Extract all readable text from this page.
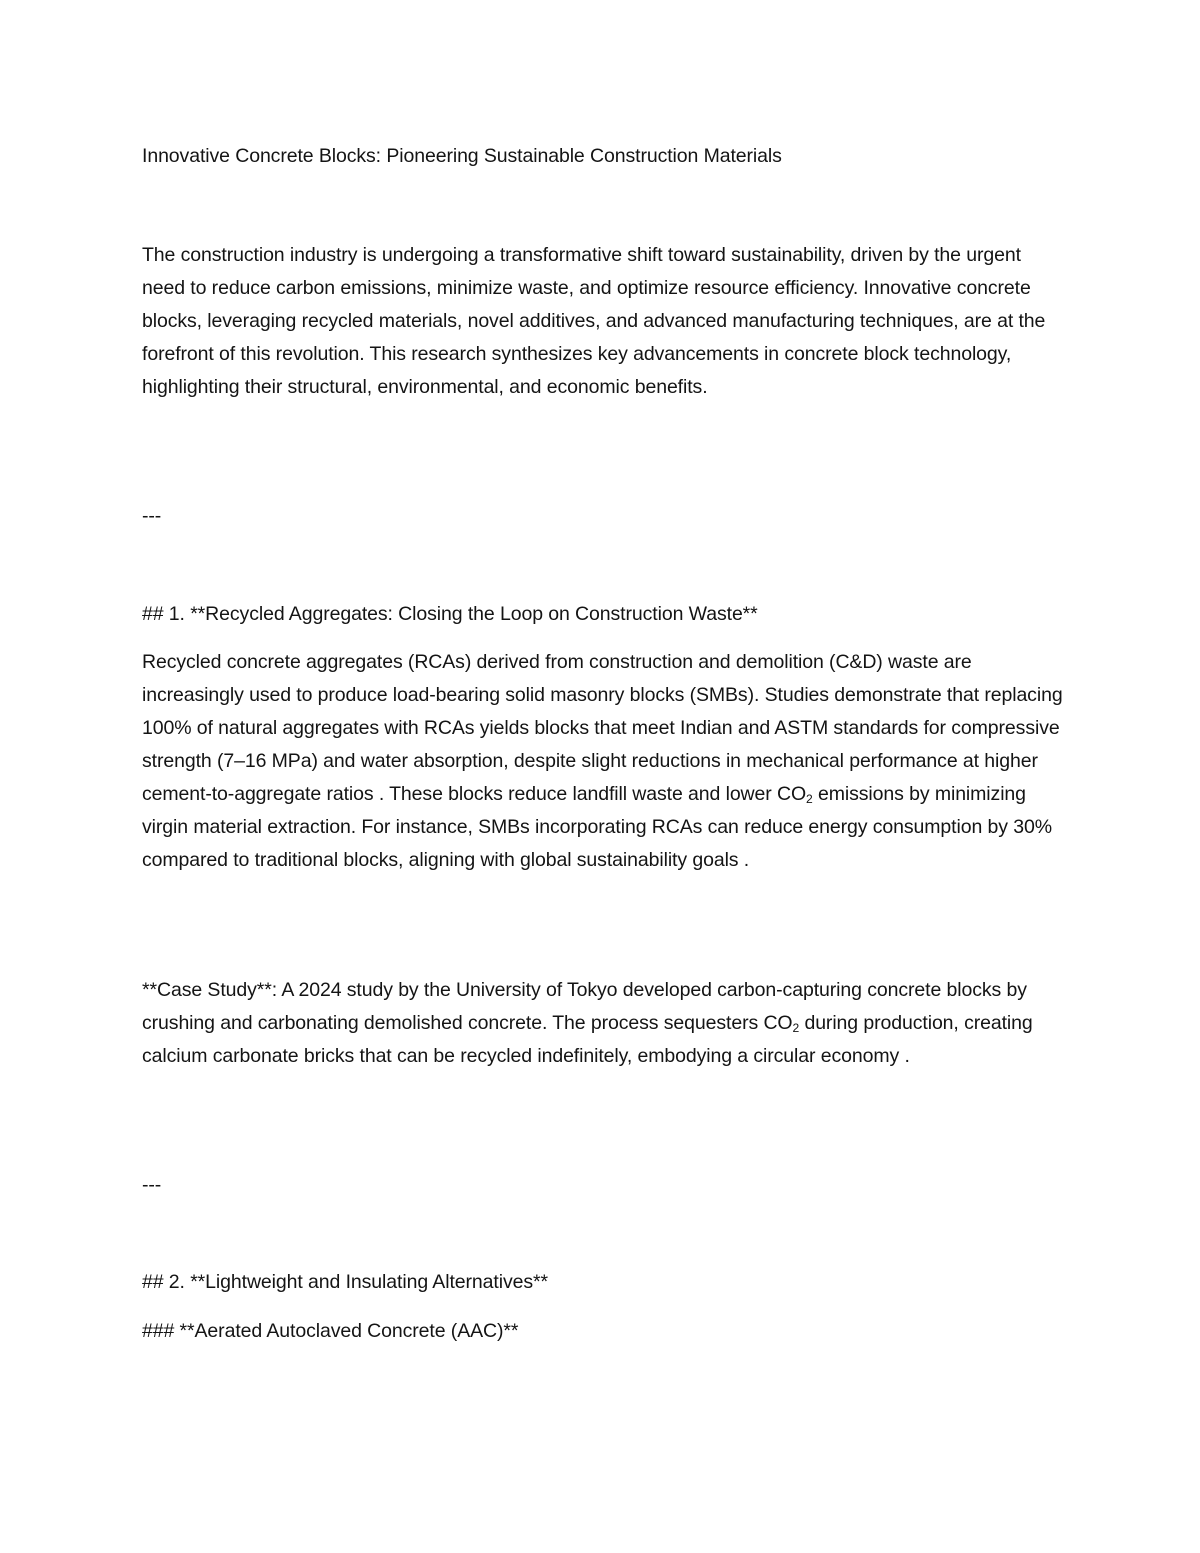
Innovative Concrete Blocks: Pioneering Sustainable Construction Materials

The construction industry is undergoing a transformative shift toward sustainability, driven by the urgent need to reduce carbon emissions, minimize waste, and optimize resource efficiency. Innovative concrete blocks, leveraging recycled materials, novel additives, and advanced manufacturing techniques, are at the forefront of this revolution. This research synthesizes key advancements in concrete block technology, highlighting their structural, environmental, and economic benefits.

---

## 1. **Recycled Aggregates: Closing the Loop on Construction Waste**

Recycled concrete aggregates (RCAs) derived from construction and demolition (C&D) waste are increasingly used to produce load-bearing solid masonry blocks (SMBs). Studies demonstrate that replacing 100% of natural aggregates with RCAs yields blocks that meet Indian and ASTM standards for compressive strength (7–16 MPa) and water absorption, despite slight reductions in mechanical performance at higher cement-to-aggregate ratios . These blocks reduce landfill waste and lower $CO_2$ emissions by minimizing virgin material extraction. For instance, SMBs incorporating RCAs can reduce energy consumption by 30% compared to traditional blocks, aligning with global sustainability goals .

**Case Study**: A 2024 study by the University of Tokyo developed carbon-capturing concrete blocks by crushing and carbonating demolished concrete. The process sequesters $CO_2$ during production, creating calcium carbonate bricks that can be recycled indefinitely, embodying a circular economy .

---

## 2. **Lightweight and Insulating Alternatives**

### **Aerated Autoclaved Concrete (AAC)**
